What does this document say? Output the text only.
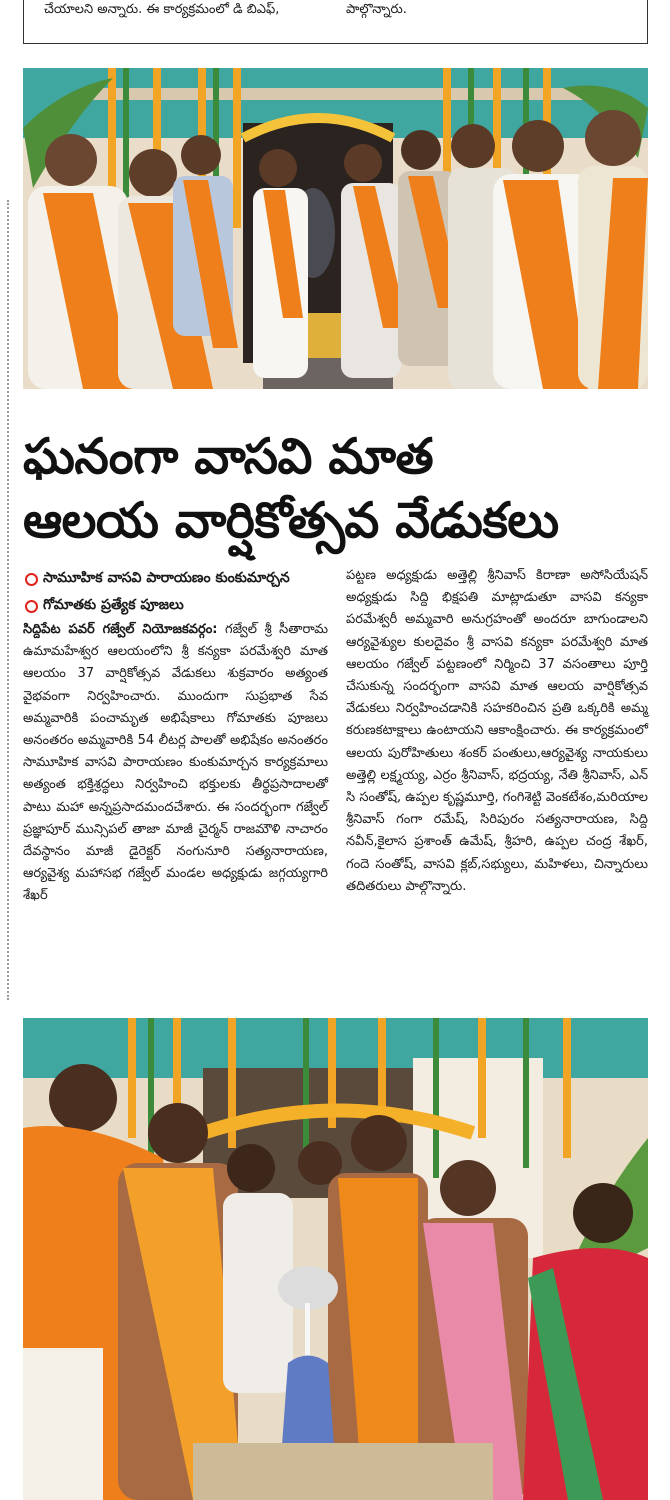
చేయాలని అన్నారు. ఈ కార్యక్రమంలో డి బిఎఫ్,	పాల్గొన్నారు.
ఘనంగా వాసవి మాత
ఆలయ వార్షికోత్సవ వేడుకలు
సామూహిక వాసవి పారాయణం కుంకుమార్చన
గోమాతకు ప్రత్యేక పూజలు

సిద్దిపేట పవర్ గజ్వేల్ నియోజకవర్గం: గజ్వేల్ శ్రీ సీతారామ ఉమామహేశ్వర ఆలయంలోని శ్రీ కన్యకా పరమేశ్వరి మాత ఆలయం 37 వార్షికోత్సవ వేడుకలు శుక్రవారం అత్యంత వైభవంగా నిర్వహించారు. ముందుగా సుప్రభాత సేవ అమ్మవారికి పంచామృత అభిషేకాలు గోమాతకు పూజలు అనంతరం అమ్మవారికి 54 లీటర్ల పాలతో అభిషేకం అనంతరం సామూహిక వాసవి పారాయణం కుంకుమార్చన కార్యక్రమాలు అత్యంత భక్తిశ్రద్ధలు నిర్వహించి భక్తులకు తీర్థప్రసాదాలతో పాటు మహా అన్నప్రసాదమందచేశారు. ఈ సందర్భంగా గజ్వేల్ ప్రజ్ఞాపూర్ మున్సిపల్ తాజా మాజీ చైర్మన్ రాజమౌళి నాచారం దేవస్థానం మాజీ డైరెక్టర్ నంగునూరి సత్యనారాయణ, ఆర్యవైశ్య మహాసభ గజ్వేల్ మండల అధ్యక్షుడు జగ్గయ్యగారి శేఖర్

పట్టణ అధ్యక్షుడు అత్తెల్లి శ్రీనివాస్ కిరాణా అసోసియేషన్ అధ్యక్షుడు సిద్ది భిక్షపతి మాట్లాడుతూ వాసవి కన్యకా పరమేశ్వరీ అమ్మవారి అనుగ్రహంతో అందరూ బాగుండాలని ఆర్యవైశ్యుల కులదైవం శ్రీ వాసవి కన్యకా పరమేశ్వరి మాత ఆలయం గజ్వేల్ పట్టణంలో నిర్మించి 37 వసంతాలు పూర్తి చేసుకున్న సందర్భంగా వాసవి మాత ఆలయ వార్షికోత్సవ వేడుకలు నిర్వహించడానికి సహకరించిన ప్రతి ఒక్కరికి అమ్మ కరుణకటాక్షాలు ఉంటాయని ఆకాంక్షించారు. ఈ కార్యక్రమంలో ఆలయ పురోహితులు శంకర్ పంతులు,ఆర్యవైశ్య నాయకులు అత్తెల్లి లక్ష్మయ్య, ఎర్రం శ్రీనివాస్, భద్రయ్య, నేతి శ్రీనివాస్, ఎన్ సి సంతోష్, ఉప్పల కృష్ణమూర్తి, గంగిశెట్టి వెంకటేశం,మరియాల శ్రీనివాస్ గంగా రమేష్, సిరిపురం సత్యనారాయణ, సిద్ది నవీన్,కైలాస ప్రశాంత్ ఉమేష్, శ్రీహరి, ఉప్పల చంద్ర శేఖర్, గందె సంతోష్, వాసవి క్లబ్,సభ్యులు, మహిళలు, చిన్నారులు తదితరులు పాల్గొన్నారు.
